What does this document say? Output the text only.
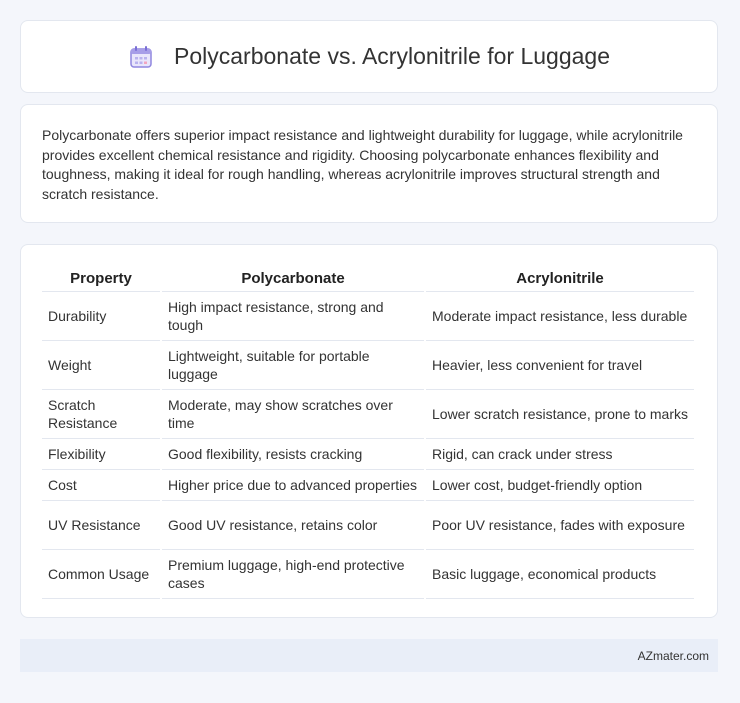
Polycarbonate vs. Acrylonitrile for Luggage

Polycarbonate offers superior impact resistance and lightweight durability for luggage, while acrylonitrile provides excellent chemical resistance and rigidity. Choosing polycarbonate enhances flexibility and toughness, making it ideal for rough handling, whereas acrylonitrile improves structural strength and scratch resistance.

Property	Polycarbonate	Acrylonitrile
Durability	High impact resistance, strong and tough	Moderate impact resistance, less durable
Weight	Lightweight, suitable for portable luggage	Heavier, less convenient for travel
Scratch Resistance	Moderate, may show scratches over time	Lower scratch resistance, prone to marks
Flexibility	Good flexibility, resists cracking	Rigid, can crack under stress
Cost	Higher price due to advanced properties	Lower cost, budget-friendly option
UV Resistance	Good UV resistance, retains color	Poor UV resistance, fades with exposure
Common Usage	Premium luggage, high-end protective cases	Basic luggage, economical products
AZmater.com
